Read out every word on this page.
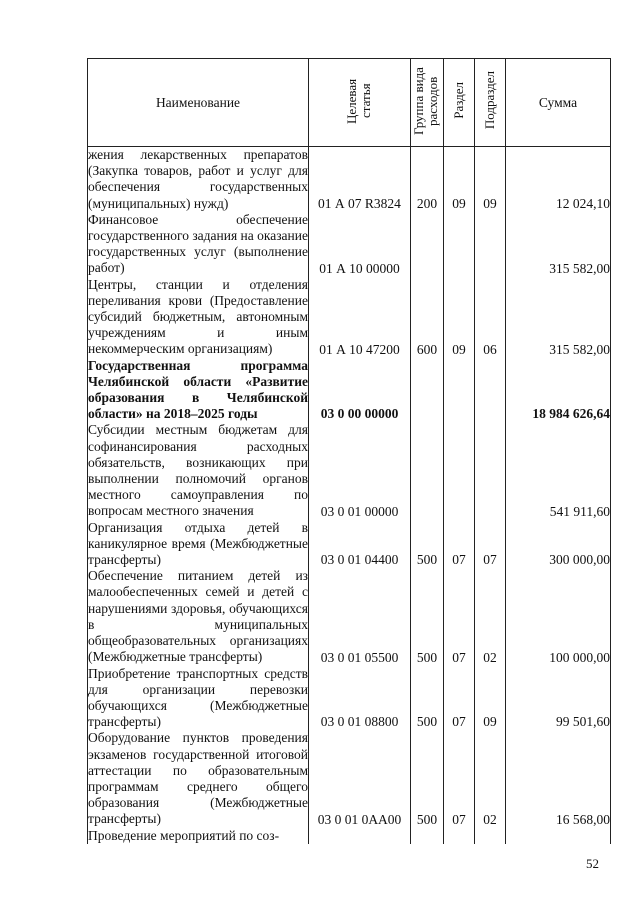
Наименование	Целевая статья	Группа вида расходов	Раздел	Подраздел	Сумма
жения лекарственных препаратов (Закупка товаров, работ и услуг для обеспечения государственных (муниципальных) нужд)	01 А 07 R3824	200	09	09	12 024,10
Финансовое обеспечение государственного задания на оказание государственных услуг (выполнение работ)	01 А 10 00000				315 582,00
Центры, станции и отделения переливания крови (Предоставление субсидий бюджетным, автономным учреждениям и иным некоммерческим организациям)	01 А 10 47200	600	09	06	315 582,00
Государственная программа Челябинской области «Развитие образования в Челябинской области» на 2018–2025 годы	03 0 00 00000				18 984 626,64
Субсидии местным бюджетам для софинансирования расходных обязательств, возникающих при выполнении полномочий органов местного самоуправления по вопросам местного значения	03 0 01 00000				541 911,60
Организация отдыха детей в каникулярное время (Межбюджетные трансферты)	03 0 01 04400	500	07	07	300 000,00
Обеспечение питанием детей из малообеспеченных семей и детей с нарушениями здоровья, обучающихся в муниципальных общеобразовательных организациях (Межбюджетные трансферты)	03 0 01 05500	500	07	02	100 000,00
Приобретение транспортных средств для организации перевозки обучающихся (Межбюджетные трансферты)	03 0 01 08800	500	07	09	99 501,60
Оборудование пунктов проведения экзаменов государственной итоговой аттестации по образовательным программам среднего общего образования (Межбюджетные трансферты)	03 0 01 0АА00	500	07	02	16 568,00
Проведение мероприятий по соз-					
52
